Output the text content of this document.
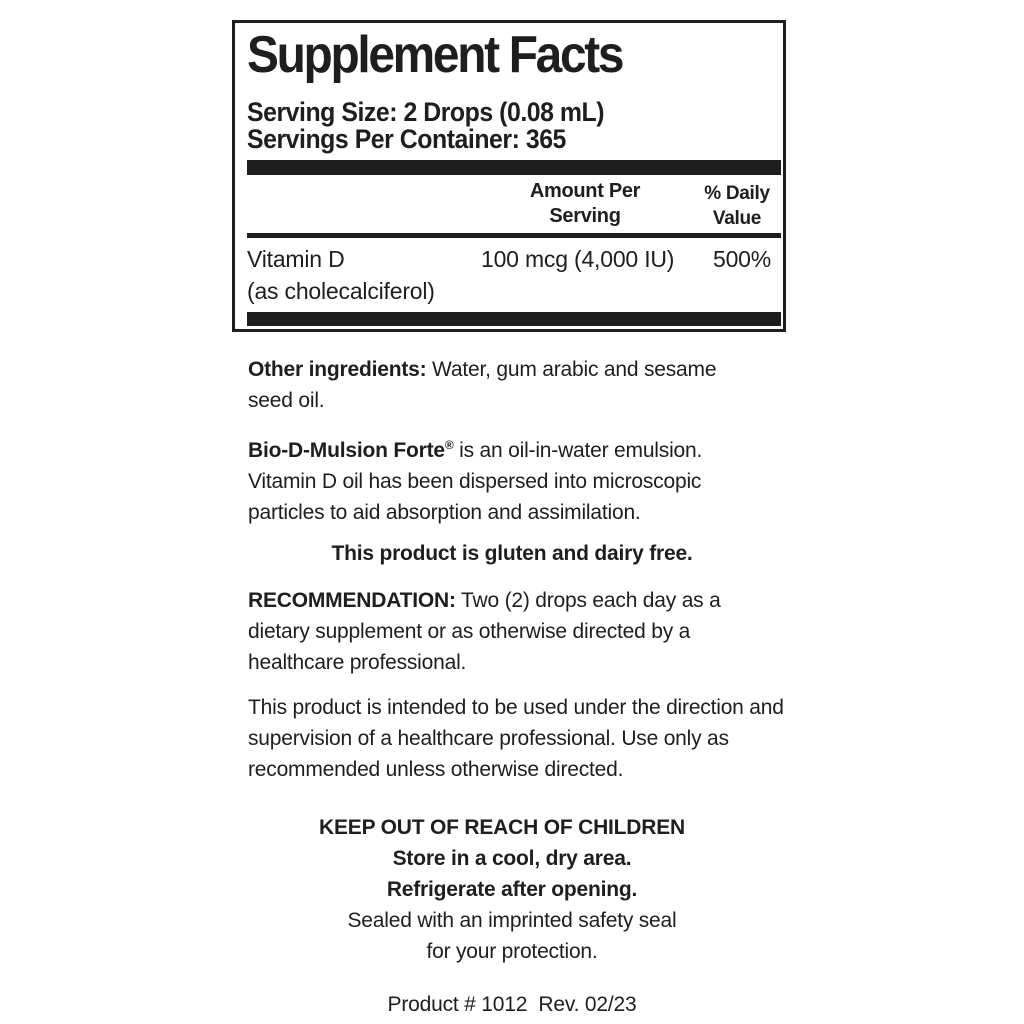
Supplement Facts
Serving Size: 2 Drops (0.08 mL)
Servings Per Container: 365
Amount Per
Serving
% Daily
Value
Vitamin D
(as cholecalciferol)
100 mcg (4,000 IU) 500%

Other ingredients: Water, gum arabic and sesame seed oil.

Bio-D-Mulsion Forte® is an oil-in-water emulsion. Vitamin D oil has been dispersed into microscopic particles to aid absorption and assimilation.

This product is gluten and dairy free.

RECOMMENDATION: Two (2) drops each day as a dietary supplement or as otherwise directed by a healthcare professional.

This product is intended to be used under the direction and supervision of a healthcare professional. Use only as recommended unless otherwise directed.

KEEP OUT OF REACH OF CHILDREN

Store in a cool, dry area.

Refrigerate after opening.

Sealed with an imprinted safety seal

for your protection.

Product # 1012  Rev. 02/23
